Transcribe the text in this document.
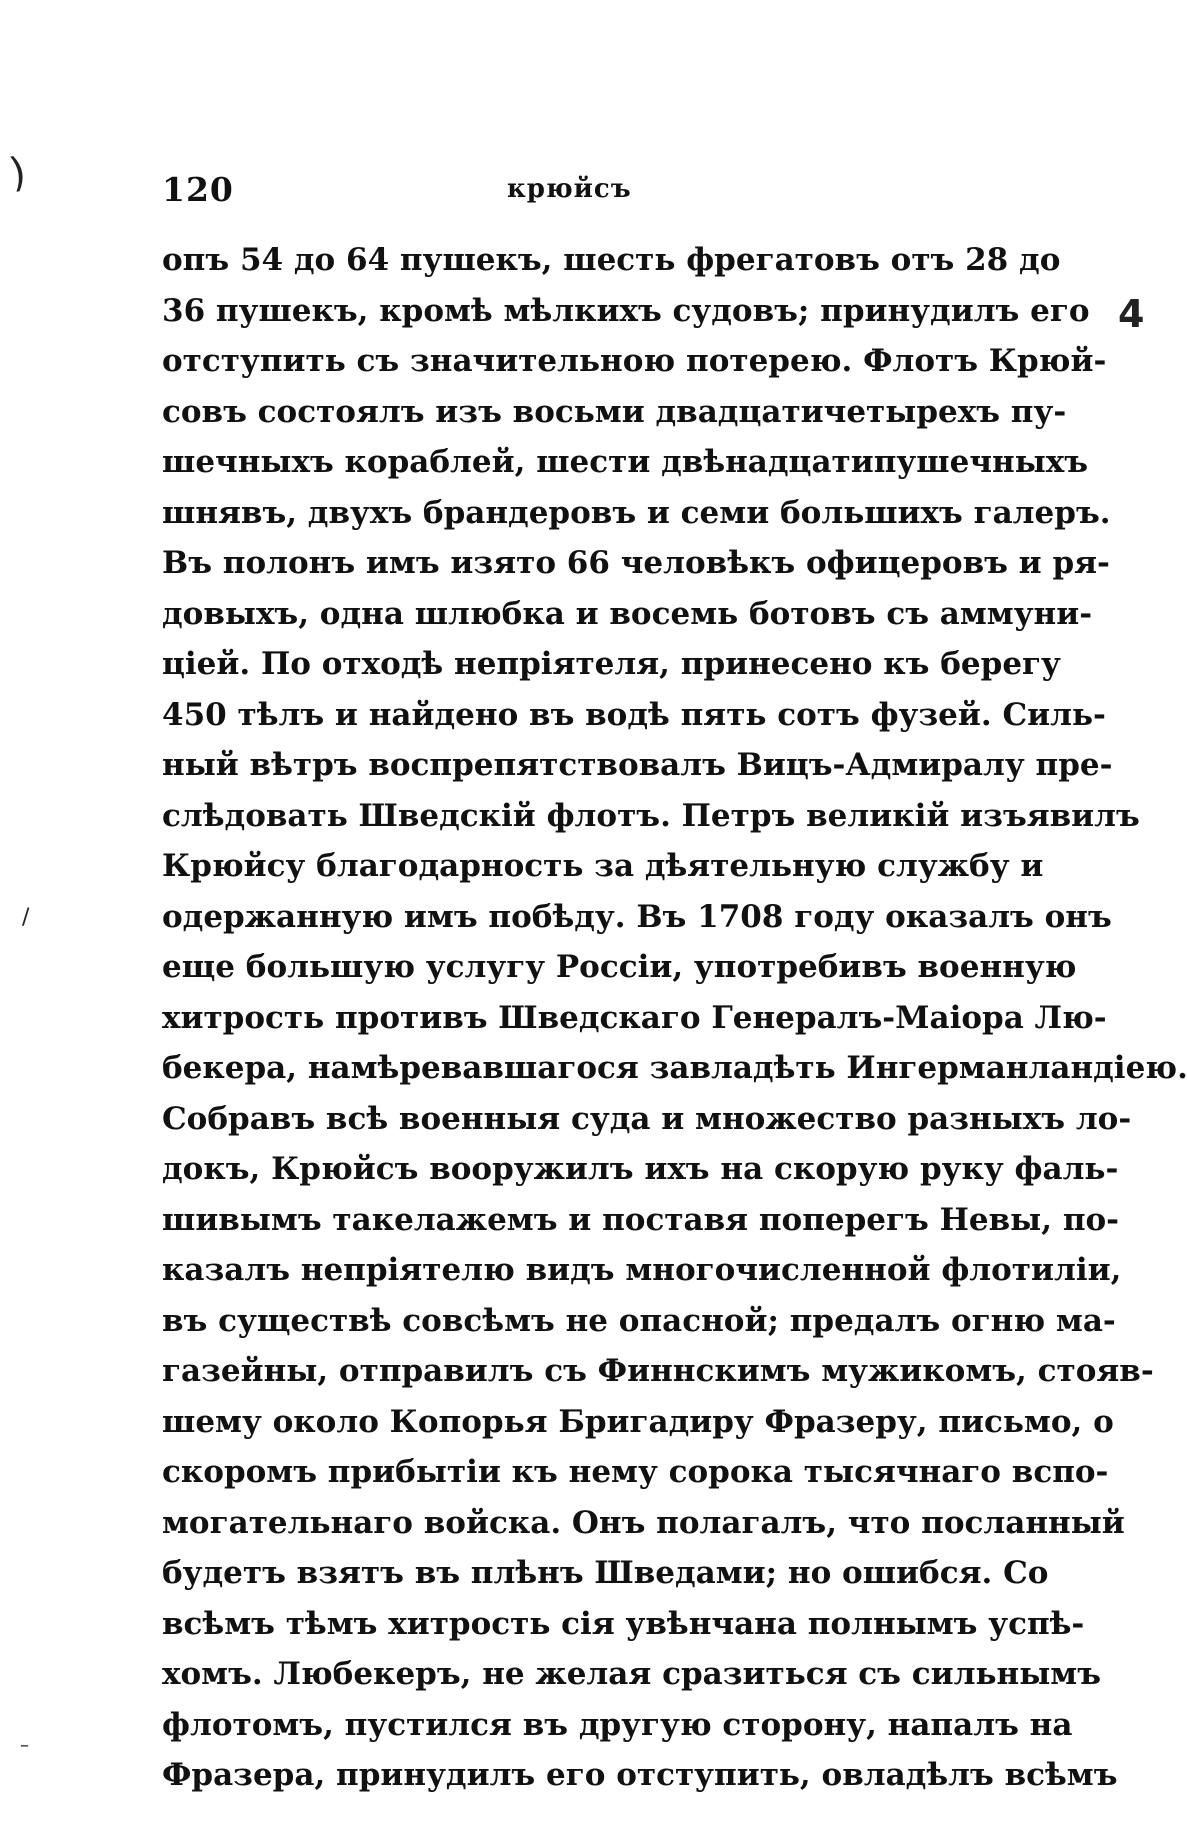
)
4
/
–
120	крюйсъ
опъ 54 до 64 пушекъ, шесть фрегатовъ отъ 28 до
36 пушекъ, кромѣ мѣлкихъ судовъ; принудилъ его
отступить съ значительною потерею. Флотъ Крюй-
совъ состоялъ изъ восьми двадцатичетырехъ пу-
шечныхъ кораблей, шести двѣнадцатипушечныхъ
шнявъ, двухъ брандеровъ и семи большихъ галеръ.
Въ полонъ имъ изято 66 человѣкъ офицеровъ и ря-
довыхъ, одна шлюбка и восемь ботовъ съ аммуни-
ціей. По отходѣ непріятеля, принесено къ берегу
450 тѣлъ и найдено въ водѣ пять сотъ фузей. Силь-
ный вѣтръ воспрепятствовалъ Вицъ-Адмиралу пре-
слѣдовать Шведскій флотъ. Петръ великій изъявилъ
Крюйсу благодарность за дѣятельную службу и
одержанную имъ побѣду. Въ 1708 году оказалъ онъ
еще большую услугу Россіи, употребивъ военную
хитрость противъ Шведскаго Генералъ-Маіора Лю-
бекера, намѣревавшагося завладѣть Ингерманландіею.
Собравъ всѣ военныя суда и множество разныхъ ло-
докъ, Крюйсъ вооружилъ ихъ на скорую руку фаль-
шивымъ такелажемъ и поставя поперегъ Невы, по-
казалъ непріятелю видъ многочисленной флотиліи,
въ существѣ совсѣмъ не опасной; предалъ огню ма-
газейны, отправилъ съ Финнскимъ мужикомъ, стояв-
шему около Копорья Бригадиру Фразеру, письмо, о
скоромъ прибытіи къ нему сорока тысячнаго вспо-
могательнаго войска. Онъ полагалъ, что посланный
будетъ взятъ въ плѣнъ Шведами; но ошибся. Со
всѣмъ тѣмъ хитрость сія увѣнчана полнымъ успѣ-
хомъ. Любекеръ, не желая сразиться съ сильнымъ
флотомъ, пустился въ другую сторону, напалъ на
Фразера, принудилъ его отступить, овладѣлъ всѣмъ
